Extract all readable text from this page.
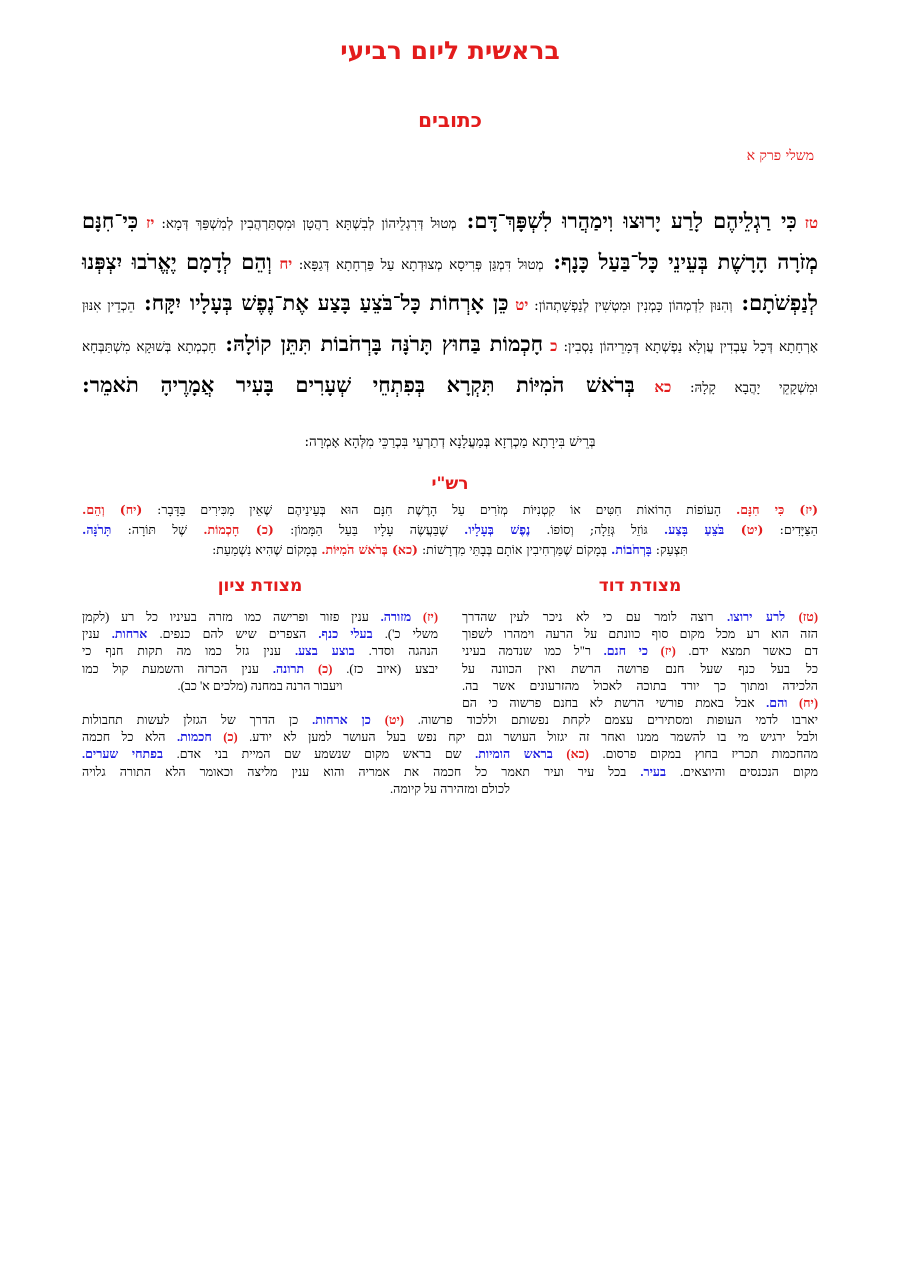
בראשית ליום רביעי
כתובים
משלי פרק א
טז כִּי רַגְלֵיהֶם לָרַע יָרוּצוּ וִימַהֲרוּ לִשְׁפָּךְ־דָּם: מְטוּל דְּרִגְלֵיהוֹן לְבִשְׁתָּא רָהֲטָן וּמִסְתַּרְהֲבִין לְמִשְׁפַּךְ דְּמָא: יז כִּי־חִנָּם מְזֹרָה הָרָשֶׁת בְּעֵינֵי כָּל־בַּעַל כָּנָף: מְטוּל דִּמְגַּן פְּרִיסָא מְצוּדְתָא עַל פַּרְחָתָא דְּגַפָּא: יח וְהֵם לְדָמָם יֶאֱרֹבוּ יִצְפְּנוּ לְנַפְשֹׁתָם: וְהִנּוּן לִדְמְהוֹן כָּמְנִין וּמִטְשִׁין לְנַפְשָׁתְהוֹן: יט כֵּן אָרְחוֹת כָּל־בֹּצֵעַ בָּצַע אֶת־נֶפֶשׁ בְּעָלָיו יִקָּח: הֵכְדֵין אִנּוּן אָרְחָתָא דְּכָל עָבְדִין עֲוְלָא נַפְשְׁתָא דְּמָרֵיהוֹן נָסְבִין: כ חָכְמוֹת בַּחוּץ תָּרֹנָּה בָּרְחֹבוֹת תִּתֵּן קוֹלָהּ: חָכְמְתָא בְּשׁוּקָא מִשְׁתַּבְּחָא וּמִשְׁקָקֵי יָהֲבָא קָלָהּ: כא בְּרֹאשׁ הֹמִיּוֹת תִּקְרָא בְּפִתְחֵי שְׁעָרִים בָּעִיר אֲמָרֶיהָ תֹאמֵר:
בְּרֵישׁ בִּירָתָא מַכְרְזָא בְּמַעֲלָנָא דְתַרְעֵי בִּכְרַכֵּי מִלְּהָא אָמְרָה:
רש"י
(יז) כִּי חִנָּם. הָעוֹפוֹת הָרוֹאוֹת חִטִּים אוֹ קִטְנִיּוֹת מְזֹרִים עַל הָרֶשֶׁת חִנָּם הוּא בְּעֵינֵיהֶם שֶׁאֵין מַכִּירִים בַּדָּבָר: (יח) וְהֵם.
הַצַּיָּדִים: (יט) בֹּצֵעַ בָּצַע. גּוֹזֵל גְּזֵלָה; וְסוֹפוֹ. נֶפֶשׁ בְּעָלָיו. שֶׁבַּעֲשֶׂה עָלָיו בַּעַל הַמָּמוֹן: (כ) חָכְמוֹת. שֶׁל תּוֹרָה: תָּרֹנָּה.
תִּצְעַק: בָּרְחֹבוֹת. בְּמָקוֹם שֶׁמַּרְחִיבִין אוֹתָם בְּבָתֵּי מִדְרָשׁוֹת: (כא) בְּרֹאשׁ הֹמִיּוֹת. בְּמָקוֹם שֶׁהִיא נִשְׁמַעַת:
מצודת דוד
מצודת ציון
(טז) לרע ירוצו. רוצה לומר עם כי לא ניכר לעין שהדרך
הזה הוא רע מכל מקום סוף כוונתם על הרעה וימהרו לשפוך
דם כאשר תמצא ידם. (יז) כי חנם. ר"ל כמו שנדמה בעיני
כל בעל כנף שעל חנם פרושה הרשת ואין הכוונה על
הלכידה ומתוך כך יורד בתוכה לאכול מהזרעונים אשר בה.
(יח) והם. אבל באמת פורשי הרשת לא בחנם פרשוה כי הם
(יז) מזורה. ענין פזור ופרישה כמו מזרה בעיניו כל רע (לקמן
משלי כ'). בעלי כנף. הצפרים שיש להם כנפים. ארחות. ענין
הנהגה וסדר. בוצע בצע. ענין גזל כמו מה תקות חנף כי
יבצע (איוב כז). (כ) תרונה. ענין הכרזה והשמעת קול כמו
ויעבור הרנה במחנה (מלכים א' כב).
יארבו לדמי העופות ומסתירים עצמם לקחת נפשותם וללכוד פרשוה. (יט) כן ארחות. כן הדרך של הגזלן לעשות תחבולות
ולבל ירגיש מי בו להשמר ממנו ואחר זה יגזול העושר וגם יקח נפש בעל העושר למען לא יודע. (כ) חכמות. הלא כל חכמה
מהחכמות תכריז בחוץ במקום פרסום. (כא) בראש הומיות. שם בראש מקום שנשמע שם המיית בני אדם. בפתחי שערים.
מקום הנכנסים והיוצאים. בעיר. בכל עיר ועיר תאמר כל חכמה את אמריה והוא ענין מליצה וכאומר הלא התורה גלויה
לכולם ומזהירה על קיומה.
